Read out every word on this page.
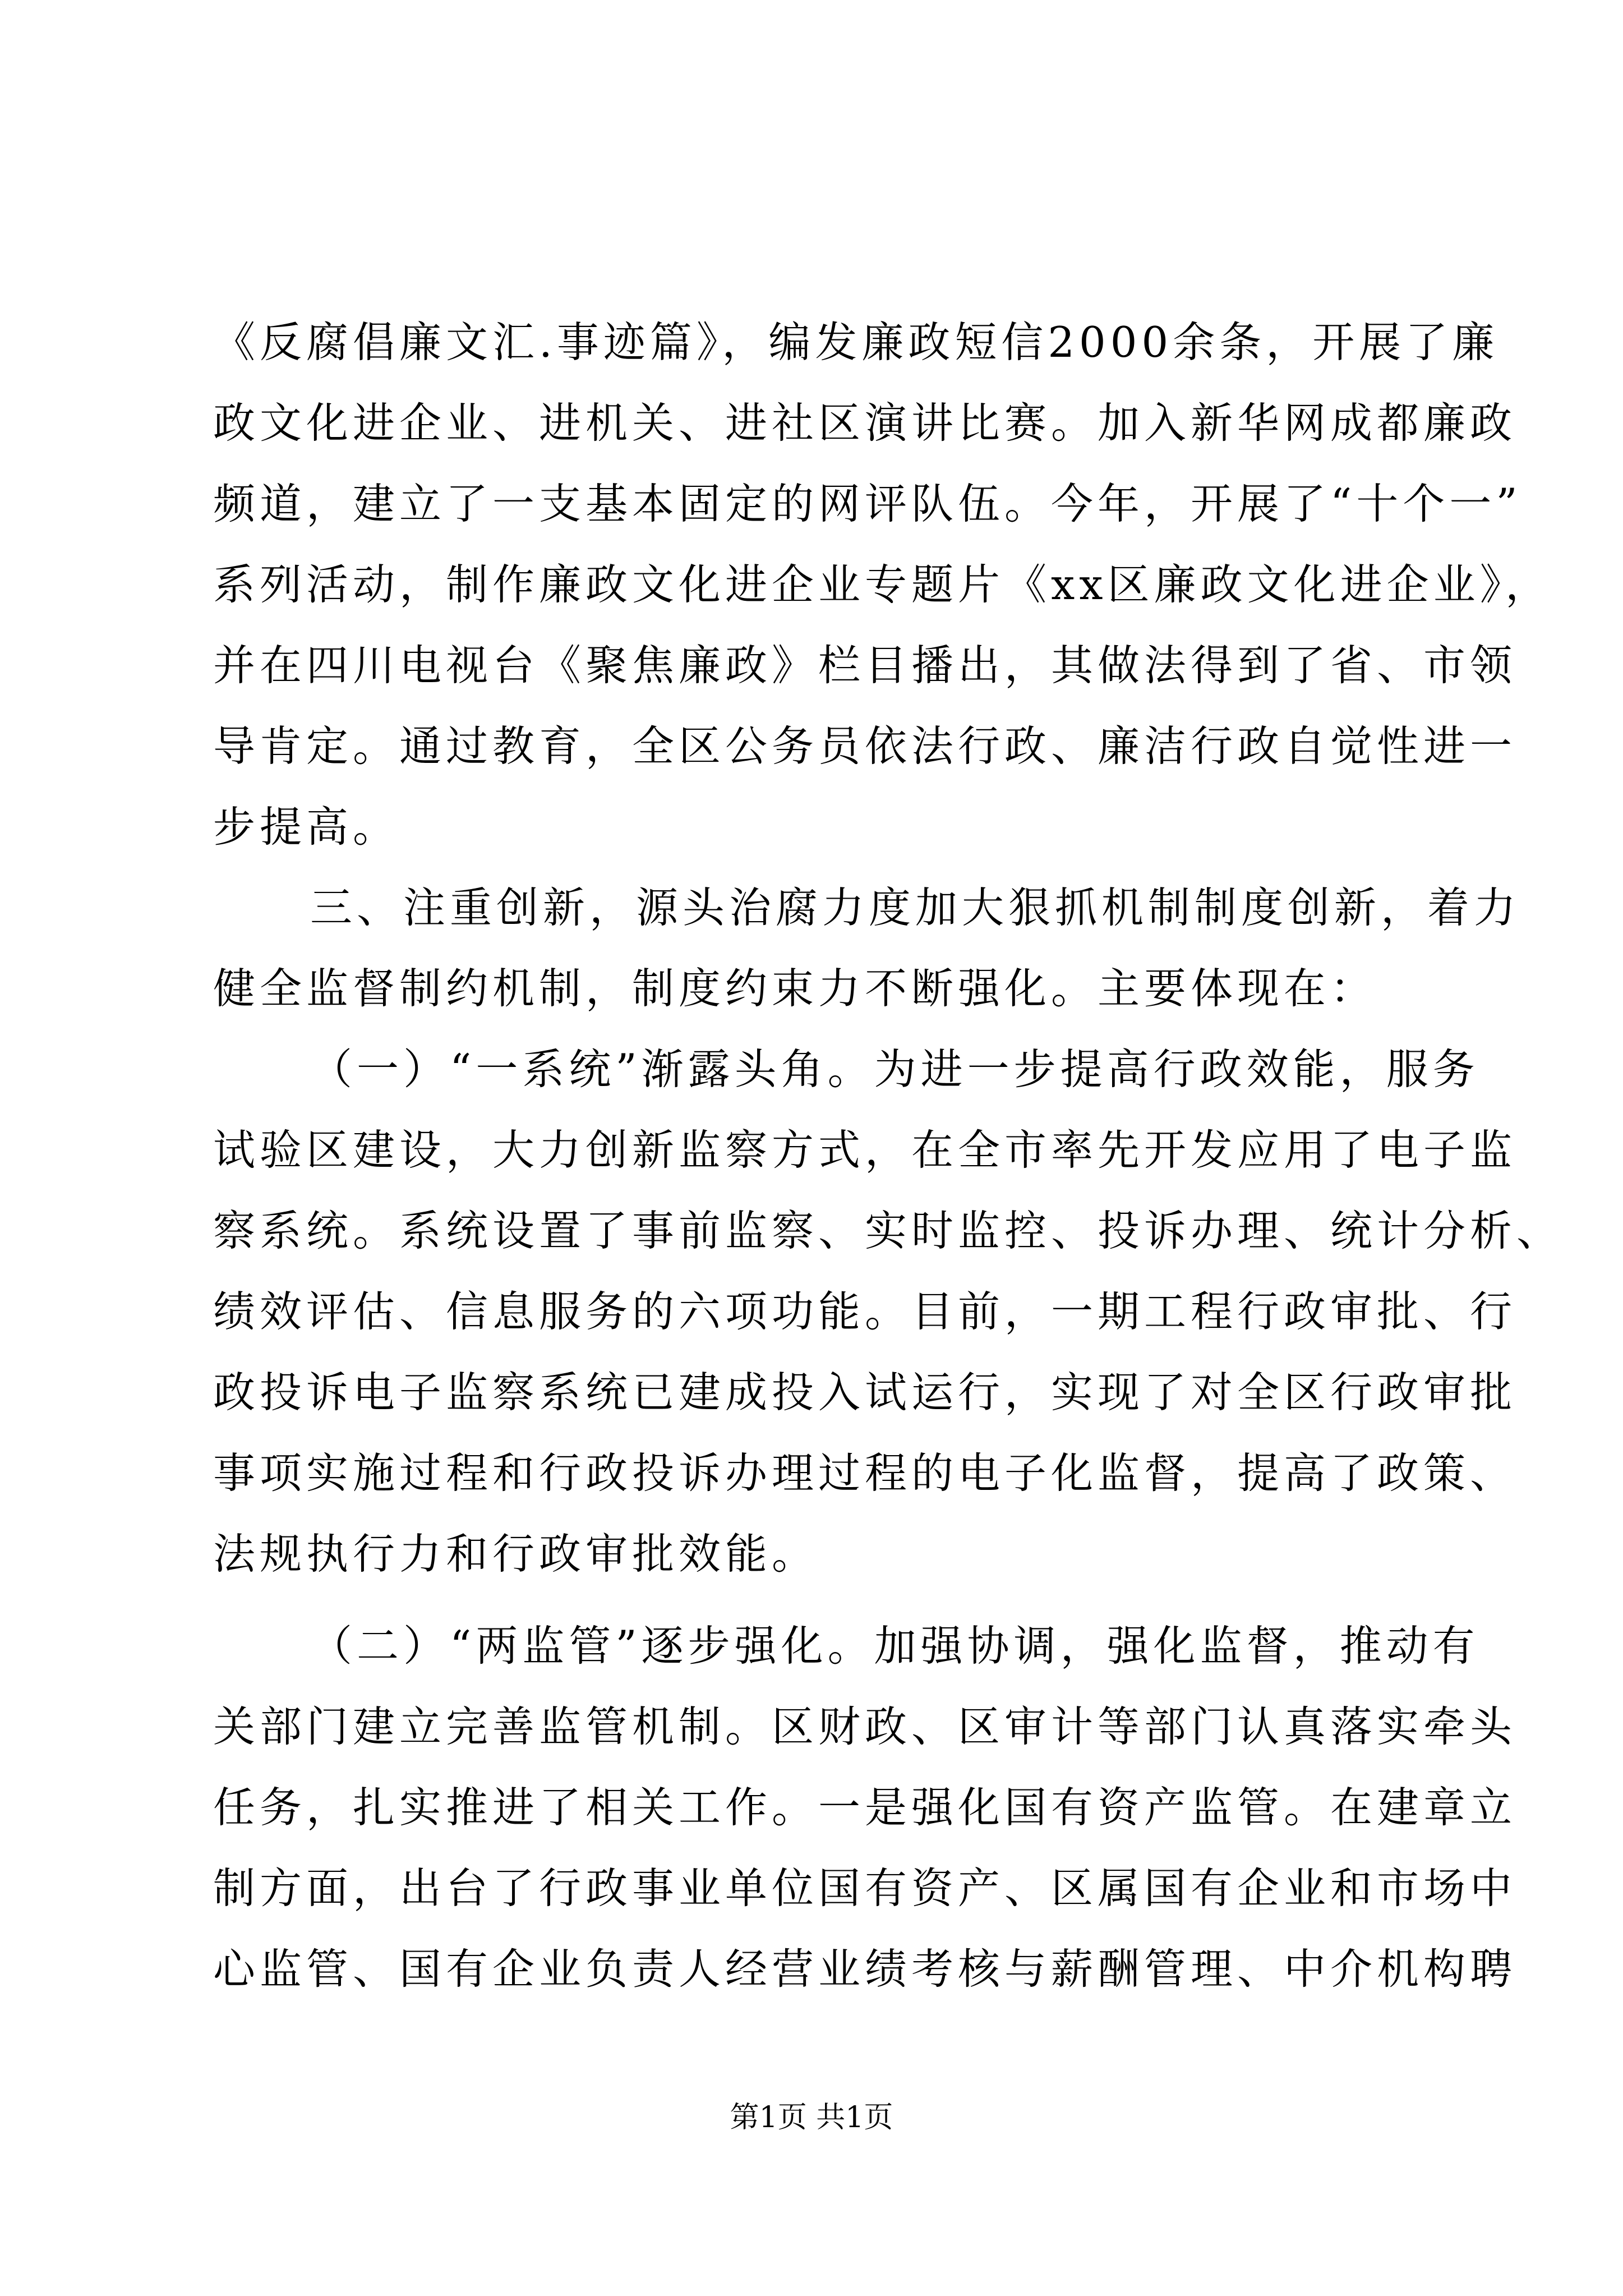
《反腐倡廉文汇.事迹篇》，编发廉政短信2000余条，开展了廉
政文化进企业、进机关、进社区演讲比赛。加入新华网成都廉政
频道，建立了一支基本固定的网评队伍。今年，开展了“十个一”
系列活动，制作廉政文化进企业专题片《xx区廉政文化进企业》，
并在四川电视台《聚焦廉政》栏目播出，其做法得到了省、市领
导肯定。通过教育，全区公务员依法行政、廉洁行政自觉性进一
步提高。
三、注重创新，源头治腐力度加大狠抓机制制度创新，着力
健全监督制约机制，制度约束力不断强化。主要体现在：
（一）“一系统”渐露头角。为进一步提高行政效能，服务
试验区建设，大力创新监察方式，在全市率先开发应用了电子监
察系统。系统设置了事前监察、实时监控、投诉办理、统计分析、
绩效评估、信息服务的六项功能。目前，一期工程行政审批、行
政投诉电子监察系统已建成投入试运行，实现了对全区行政审批
事项实施过程和行政投诉办理过程的电子化监督，提高了政策、
法规执行力和行政审批效能。
（二）“两监管”逐步强化。加强协调，强化监督，推动有
关部门建立完善监管机制。区财政、区审计等部门认真落实牵头
任务，扎实推进了相关工作。一是强化国有资产监管。在建章立
制方面，出台了行政事业单位国有资产、区属国有企业和市场中
心监管、国有企业负责人经营业绩考核与薪酬管理、中介机构聘
第1页 共1页
